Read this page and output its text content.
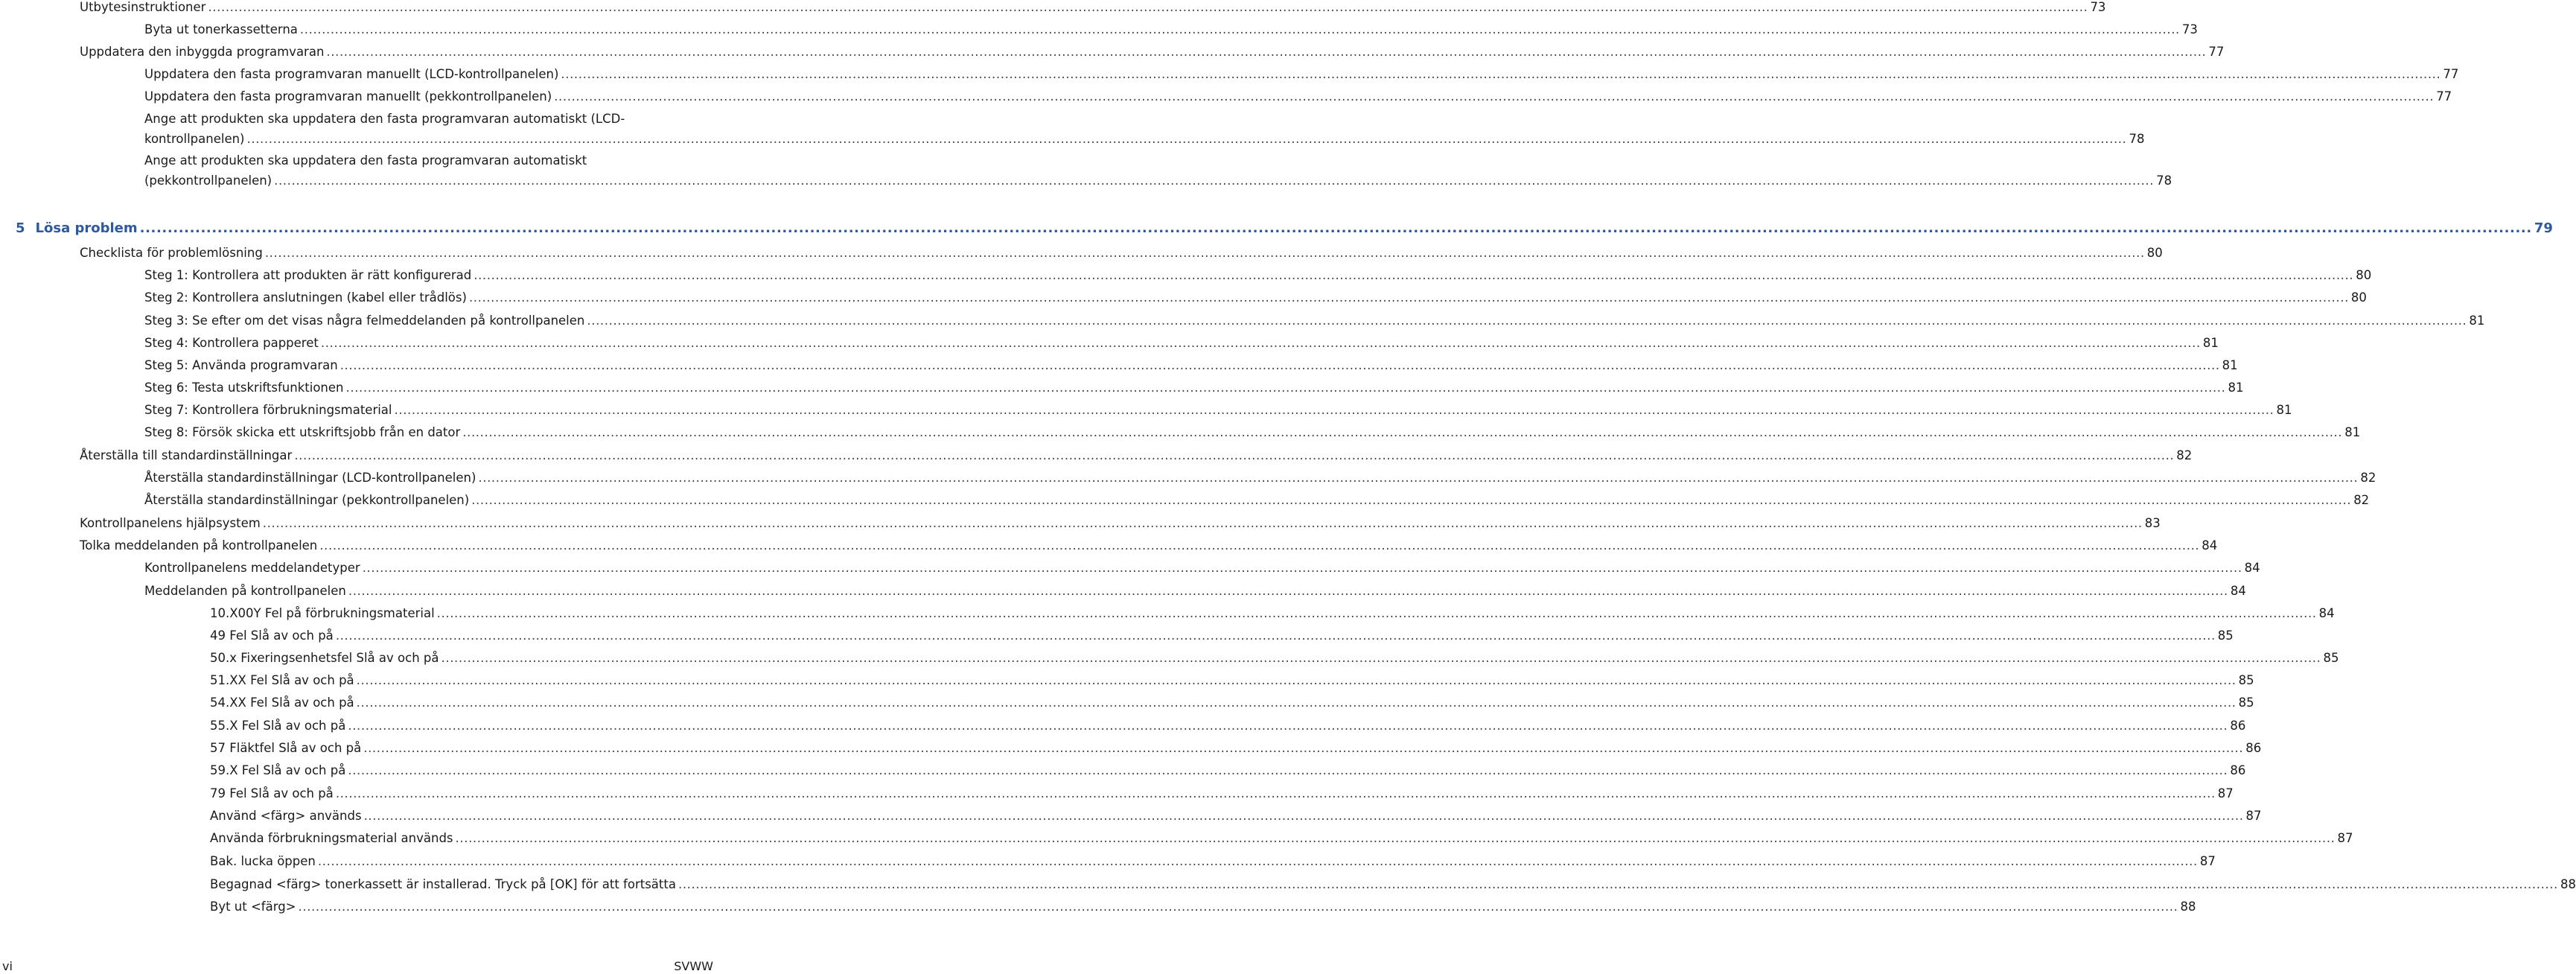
Utbytesinstruktioner .....	73
Byta ut tonerkassetterna .....	73
Uppdatera den inbyggda programvaran .....	77
Uppdatera den fasta programvaran manuellt (LCD-kontrollpanelen) .....	77
Uppdatera den fasta programvaran manuellt (pekkontrollpanelen) .....	77
Ange att produkten ska uppdatera den fasta programvaran automatiskt (LCD-
kontrollpanelen) .....	78
Ange att produkten ska uppdatera den fasta programvaran automatiskt
(pekkontrollpanelen) .....	78
5 Lösa problem .....	79
Checklista för problemlösning .....	80
Steg 1: Kontrollera att produkten är rätt konfigurerad .....	80
Steg 2: Kontrollera anslutningen (kabel eller trådlös) .....	80
Steg 3: Se efter om det visas några felmeddelanden på kontrollpanelen .....	81
Steg 4: Kontrollera papperet .....	81
Steg 5: Använda programvaran .....	81
Steg 6: Testa utskriftsfunktionen .....	81
Steg 7: Kontrollera förbrukningsmaterial .....	81
Steg 8: Försök skicka ett utskriftsjobb från en dator .....	81
Återställa till standardinställningar .....	82
Återställa standardinställningar (LCD-kontrollpanelen) .....	82
Återställa standardinställningar (pekkontrollpanelen) .....	82
Kontrollpanelens hjälpsystem .....	83
Tolka meddelanden på kontrollpanelen .....	84
Kontrollpanelens meddelandetyper .....	84
Meddelanden på kontrollpanelen .....	84
10.X00Y Fel på förbrukningsmaterial .....	84
49 Fel Slå av och på .....	85
50.x Fixeringsenhetsfel Slå av och på .....	85
51.XX Fel Slå av och på .....	85
54.XX Fel Slå av och på .....	85
55.X Fel Slå av och på .....	86
57 Fläktfel Slå av och på .....	86
59.X Fel Slå av och på .....	86
79 Fel Slå av och på .....	87
Använd <färg> används .....	87
Använda förbrukningsmaterial används .....	87
Bak. lucka öppen .....	87
Begagnad <färg> tonerkassett är installerad. Tryck på [OK] för att fortsätta .....	88
Byt ut <färg> .....	88
vi	SVWW
